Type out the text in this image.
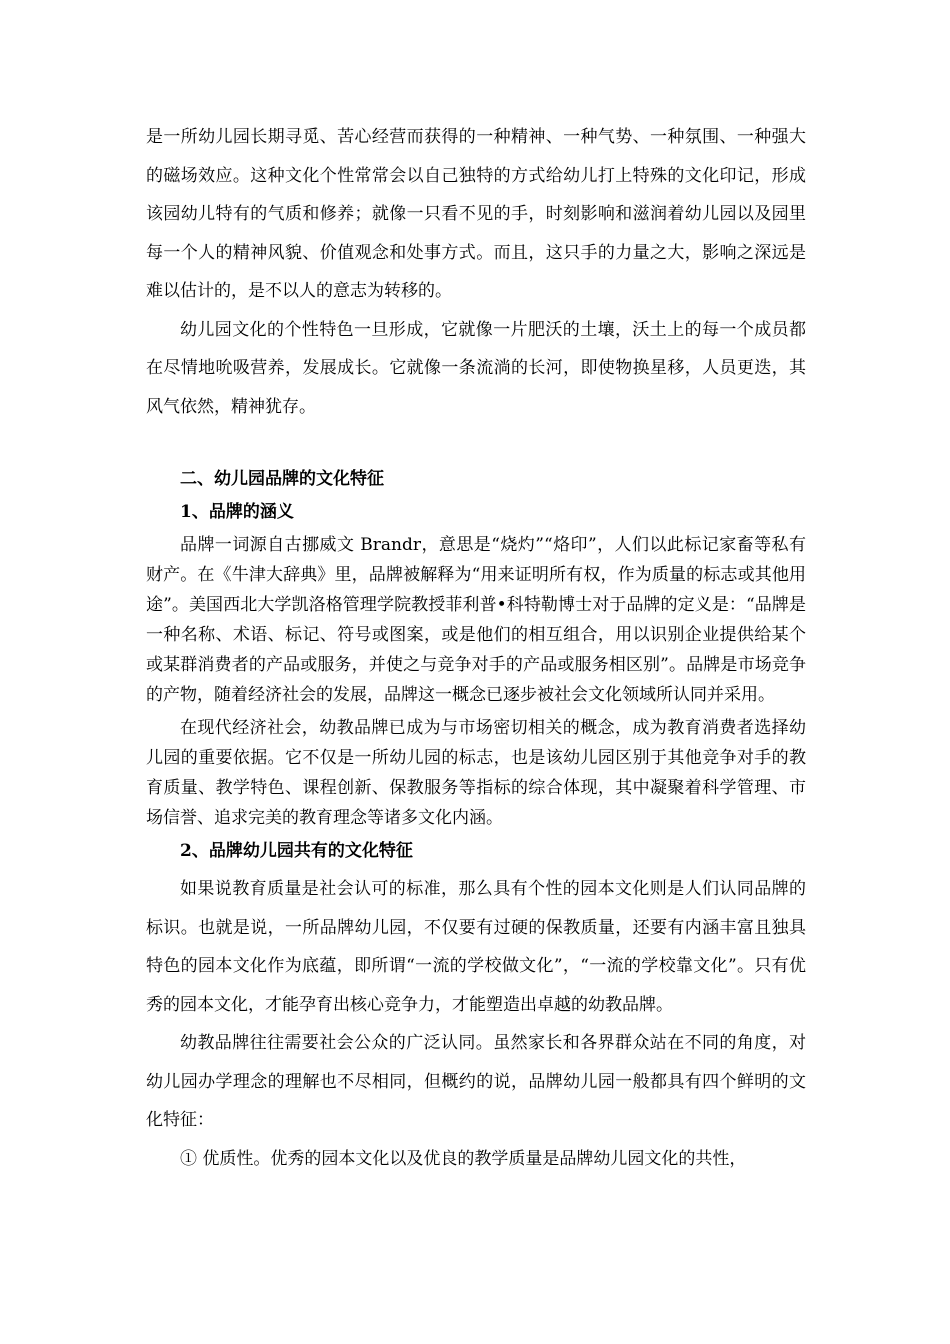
是一所幼儿园长期寻觅、苦心经营而获得的一种精神、一种气势、一种氛围、一种强大的磁场效应。这种文化个性常常会以自己独特的方式给幼儿打上特殊的文化印记，形成该园幼儿特有的气质和修养；就像一只看不见的手，时刻影响和滋润着幼儿园以及园里每一个人的精神风貌、价值观念和处事方式。而且，这只手的力量之大，影响之深远是难以估计的，是不以人的意志为转移的。

幼儿园文化的个性特色一旦形成，它就像一片肥沃的土壤，沃土上的每一个成员都在尽情地吮吸营养，发展成长。它就像一条流淌的长河，即使物换星移，人员更迭，其风气依然，精神犹存。

二、幼儿园品牌的文化特征
1、品牌的涵义

品牌一词源自古挪威文 Brandr，意思是“烧灼”“烙印”，人们以此标记家畜等私有财产。在《牛津大辞典》里，品牌被解释为“用来证明所有权，作为质量的标志或其他用途”。美国西北大学凯洛格管理学院教授菲利普•科特勒博士对于品牌的定义是：“品牌是一种名称、术语、标记、符号或图案，或是他们的相互组合，用以识别企业提供给某个或某群消费者的产品或服务，并使之与竞争对手的产品或服务相区别”。品牌是市场竞争的产物，随着经济社会的发展，品牌这一概念已逐步被社会文化领域所认同并采用。

在现代经济社会，幼教品牌已成为与市场密切相关的概念，成为教育消费者选择幼儿园的重要依据。它不仅是一所幼儿园的标志，也是该幼儿园区别于其他竞争对手的教育质量、教学特色、课程创新、保教服务等指标的综合体现，其中凝聚着科学管理、市场信誉、追求完美的教育理念等诸多文化内涵。

2、品牌幼儿园共有的文化特征

如果说教育质量是社会认可的标准，那么具有个性的园本文化则是人们认同品牌的标识。也就是说，一所品牌幼儿园，不仅要有过硬的保教质量，还要有内涵丰富且独具特色的园本文化作为底蕴，即所谓“一流的学校做文化”，“一流的学校靠文化”。只有优秀的园本文化，才能孕育出核心竞争力，才能塑造出卓越的幼教品牌。

幼教品牌往往需要社会公众的广泛认同。虽然家长和各界群众站在不同的角度，对幼儿园办学理念的理解也不尽相同，但概约的说，品牌幼儿园一般都具有四个鲜明的文化特征：

① 优质性。优秀的园本文化以及优良的教学质量是品牌幼儿园文化的共性，
